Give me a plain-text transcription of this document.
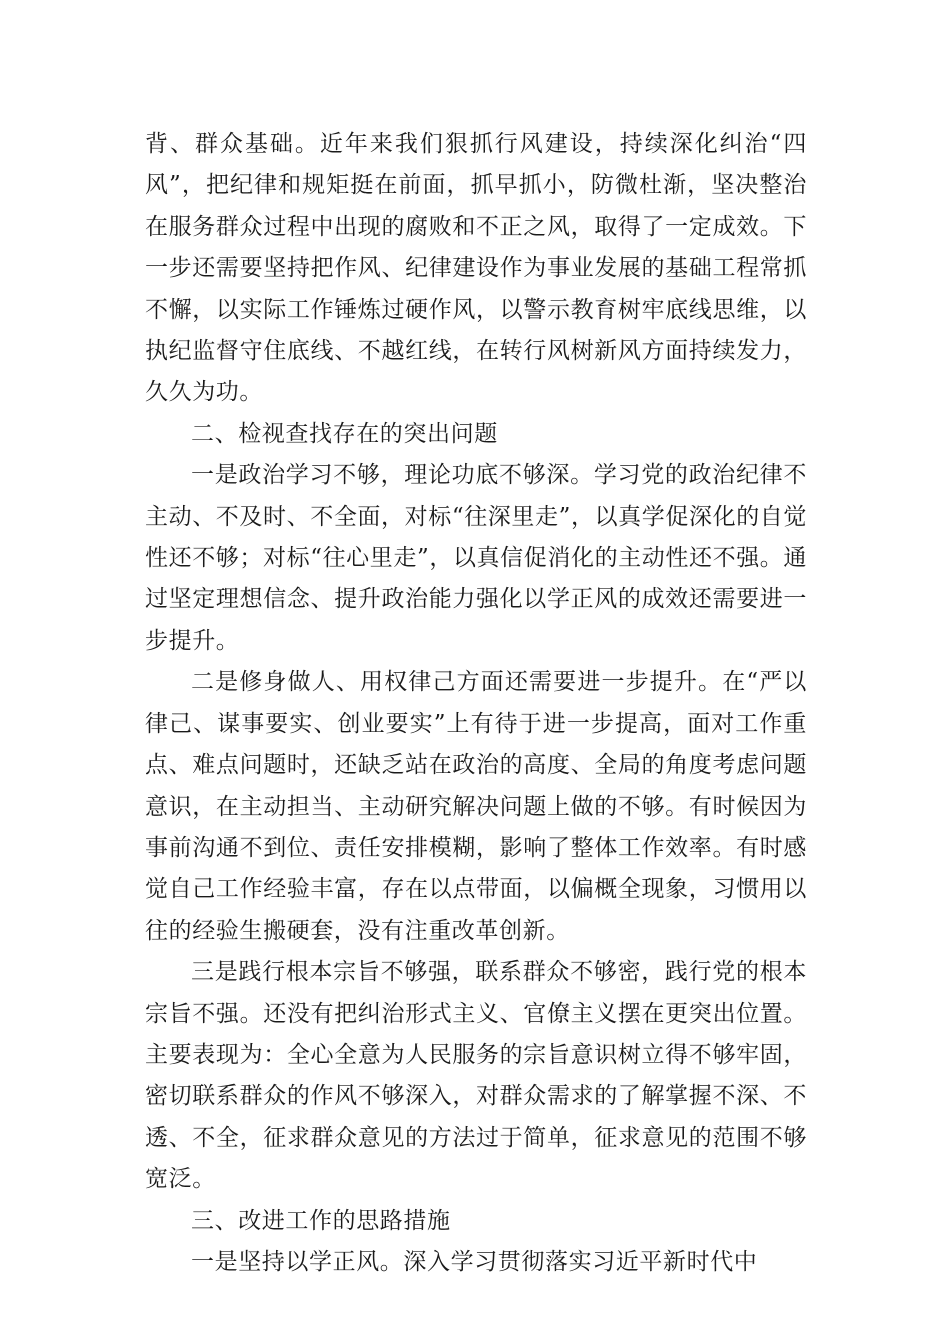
背、群众基础。近年来我们狠抓行风建设，持续深化纠治“四风”，把纪律和规矩挺在前面，抓早抓小，防微杜渐，坚决整治在服务群众过程中出现的腐败和不正之风，取得了一定成效。下一步还需要坚持把作风、纪律建设作为事业发展的基础工程常抓不懈，以实际工作锤炼过硬作风，以警示教育树牢底线思维，以执纪监督守住底线、不越红线，在转行风树新风方面持续发力，久久为功。

二、检视查找存在的突出问题

一是政治学习不够，理论功底不够深。学习党的政治纪律不主动、不及时、不全面，对标“往深里走”，以真学促深化的自觉性还不够；对标“往心里走”，以真信促消化的主动性还不强。通过坚定理想信念、提升政治能力强化以学正风的成效还需要进一步提升。

二是修身做人、用权律己方面还需要进一步提升。在“严以律己、谋事要实、创业要实”上有待于进一步提高，面对工作重点、难点问题时，还缺乏站在政治的高度、全局的角度考虑问题意识，在主动担当、主动研究解决问题上做的不够。有时候因为事前沟通不到位、责任安排模糊，影响了整体工作效率。有时感觉自己工作经验丰富，存在以点带面，以偏概全现象，习惯用以往的经验生搬硬套，没有注重改革创新。

三是践行根本宗旨不够强，联系群众不够密，践行党的根本宗旨不强。还没有把纠治形式主义、官僚主义摆在更突出位置。主要表现为：全心全意为人民服务的宗旨意识树立得不够牢固，密切联系群众的作风不够深入，对群众需求的了解掌握不深、不透、不全，征求群众意见的方法过于简单，征求意见的范围不够宽泛。

三、改进工作的思路措施

一是坚持以学正风。深入学习贯彻落实习近平新时代中
